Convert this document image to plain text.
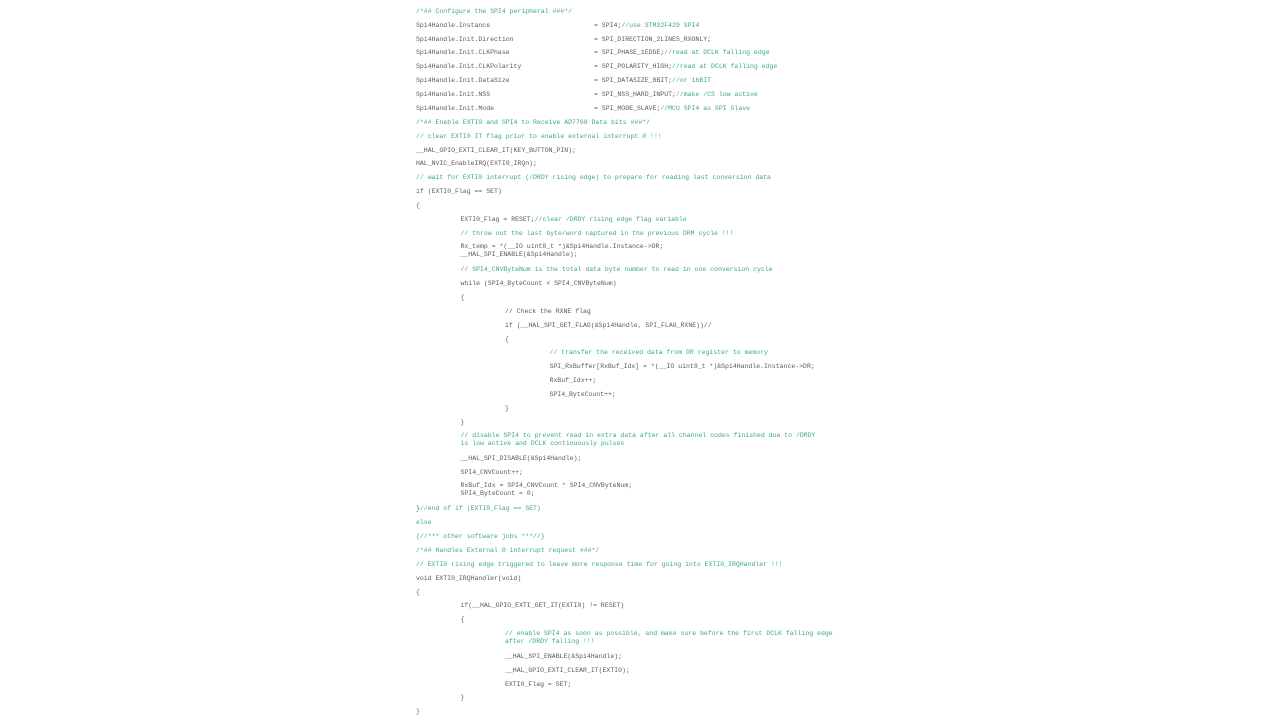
/*## Configure the SPI4 peripheral ###*/
Spi4Handle.Instance	= SPI4;//use STM32F429 SPI4
Spi4Handle.Init.Direction	= SPI_DIRECTION_2LINES_RXONLY;
Spi4Handle.Init.CLKPhase	= SPI_PHASE_1EDGE;//read at DCLK falling edge
Spi4Handle.Init.CLKPolarity	= SPI_POLARITY_HIGH;//read at DCLK falling edge
Spi4Handle.Init.DataSize	= SPI_DATASIZE_8BIT;//or 16BIT
Spi4Handle.Init.NSS	= SPI_NSS_HARD_INPUT;//make /CS low active
Spi4Handle.Init.Mode	= SPI_MODE_SLAVE;//MCU SPI4 as SPI Slave
/*## Enable EXTI0 and SPI4 to Receive AD7768 Data bits ###*/
// clear EXTI0 IT flag prior to enable external interrupt 0 !!!
__HAL_GPIO_EXTI_CLEAR_IT(KEY_BUTTON_PIN);
HAL_NVIC_EnableIRQ(EXTI0_IRQn);
// wait for EXTI0 interrupt (/DRDY rising edge) to prepare for reading last conversion data
if (EXTI0_Flag == SET)
{
EXTI0_Flag = RESET;//clear /DRDY rising edge flag variable
// throw out the last byte/word captured in the previous DRM cycle !!!
Rx_temp = *(__IO uint8_t *)&Spi4Handle.Instance->DR;
__HAL_SPI_ENABLE(&Spi4Handle);
// SPI4_CNVByteNum is the total data byte number to read in one conversion cycle
while (SPI4_ByteCount < SPI4_CNVByteNum)
{
// Check the RXNE flag
if (__HAL_SPI_GET_FLAG(&Spi4Handle, SPI_FLAG_RXNE))//
{
// transfer the received data from DR register to memory
SPI_RxBuffer[RxBuf_Idx] = *(__IO uint8_t *)&Spi4Handle.Instance->DR;
RxBuf_Idx++;
SPI4_ByteCount++;
}
}
// disable SPI4 to prevent read in extra data after all channel codes finished due to /DRDY
is low active and DCLK continuously pulses
__HAL_SPI_DISABLE(&Spi4Handle);
SPI4_CNVCount++;
RxBuf_Idx = SPI4_CNVCount * SPI4_CNVByteNum;
SPI4_ByteCount = 0;
}//end of if (EXTI0_Flag == SET)
else
{//*** other software jobs ***//}
/*## Handles External 0 interrupt request ###*/
// EXTI0 rising edge triggered to leave more response time for going into EXTI0_IRQHandler !!!
void EXTI0_IRQHandler(void)
{
if(__HAL_GPIO_EXTI_GET_IT(EXTI0) != RESET)
{
// enable SPI4 as soon as possible, and make sure before the first DCLK falling edge
after /DRDY falling !!!
__HAL_SPI_ENABLE(&Spi4Handle);
__HAL_GPIO_EXTI_CLEAR_IT(EXTI0);
EXTI0_Flag = SET;
}
}
